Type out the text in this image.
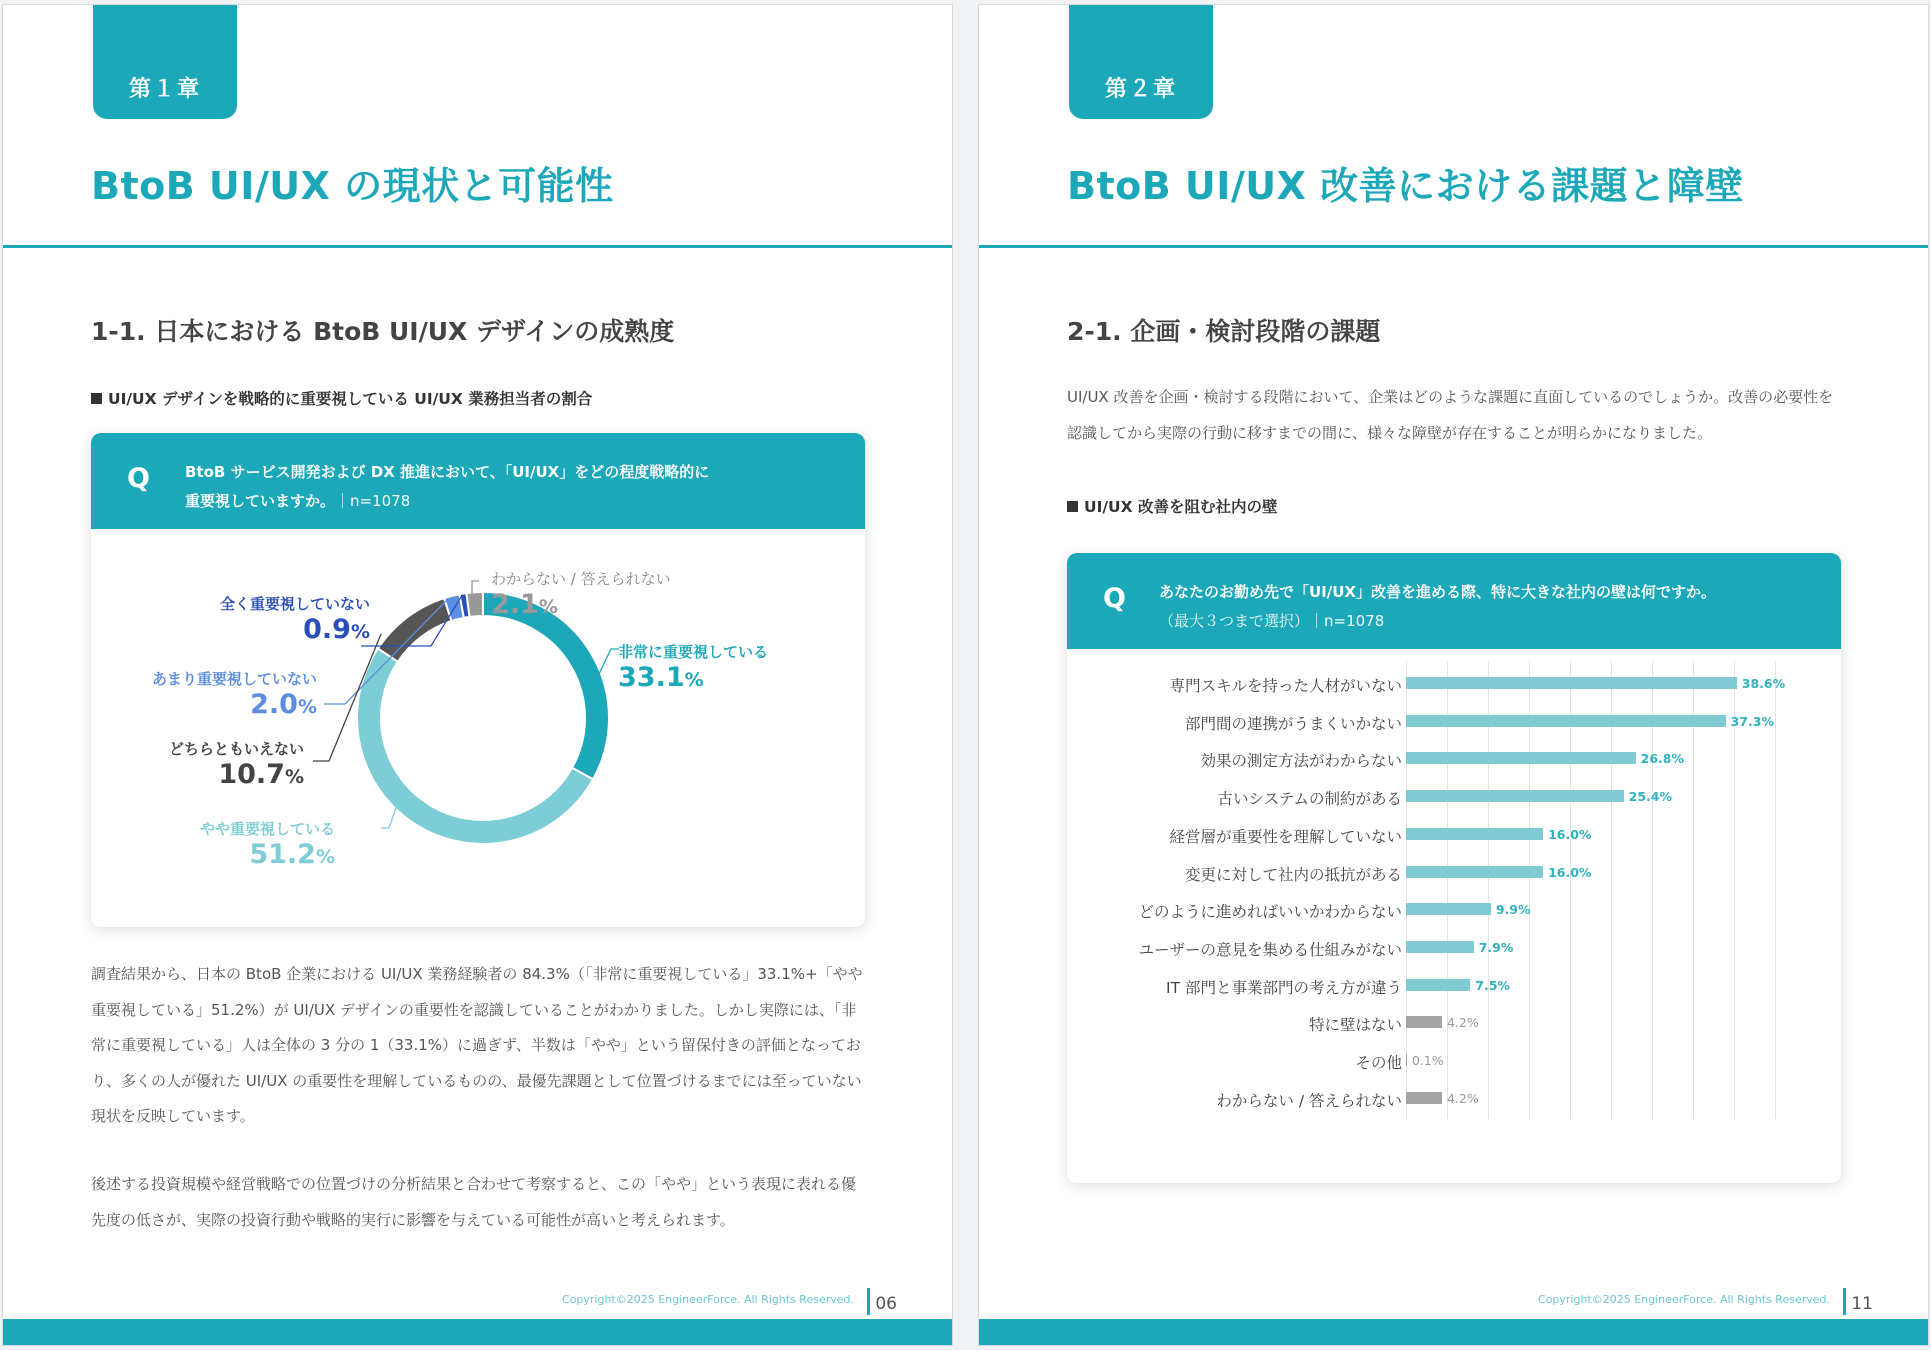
第１章
BtoB UI/UX の現状と可能性
1-1. 日本における BtoB UI/UX デザインの成熟度
UI/UX デザインを戦略的に重要視している UI/UX 業務担当者の割合
Q BtoB サービス開発および DX 推進において、「UI/UX」をどの程度戦略的に
重要視していますか。｜n=1078
わからない / 答えられない
2.1%
全く重要視していない
0.9%
非常に重要視している
33.1%
あまり重要視していない
2.0%
どちらともいえない
10.7%
やや重要視している
51.2%

調査結果から、日本の BtoB 企業における UI/UX 業務経験者の 84.3%（「非常に重要視している」33.1%+「やや重要視している」51.2%）が UI/UX デザインの重要性を認識していることがわかりました。しかし実際には、「非常に重要視している」人は全体の 3 分の 1（33.1%）に過ぎず、半数は「やや」という留保付きの評価となっており、多くの人が優れた UI/UX の重要性を理解しているものの、最優先課題として位置づけるまでには至っていない現状を反映しています。

後述する投資規模や経営戦略での位置づけの分析結果と合わせて考察すると、この「やや」という表現に表れる優先度の低さが、実際の投資行動や戦略的実行に影響を与えている可能性が高いと考えられます。

Copyright©2025 EngineerForce. All Rights Reserved. 06
第２章
BtoB UI/UX 改善における課題と障壁
2-1. 企画・検討段階の課題

UI/UX 改善を企画・検討する段階において、企業はどのような課題に直面しているのでしょうか。改善の必要性を認識してから実際の行動に移すまでの間に、様々な障壁が存在することが明らかになりました。

UI/UX 改善を阻む社内の壁
Q あなたのお勤め先で「UI/UX」改善を進める際、特に大きな社内の壁は何ですか。
（最大３つまで選択）｜n=1078
専門スキルを持った人材がいない	38.6%
部門間の連携がうまくいかない	37.3%
効果の測定方法がわからない	26.8%
古いシステムの制約がある	25.4%
経営層が重要性を理解していない	16.0%
変更に対して社内の抵抗がある	16.0%
どのように進めればいいかわからない	9.9%
ユーザーの意見を集める仕組みがない	7.9%
IT 部門と事業部門の考え方が違う	7.5%
特に壁はない	4.2%
その他 0.1%
わからない / 答えられない	4.2%
Copyright©2025 EngineerForce. All Rights Reserved. 11
